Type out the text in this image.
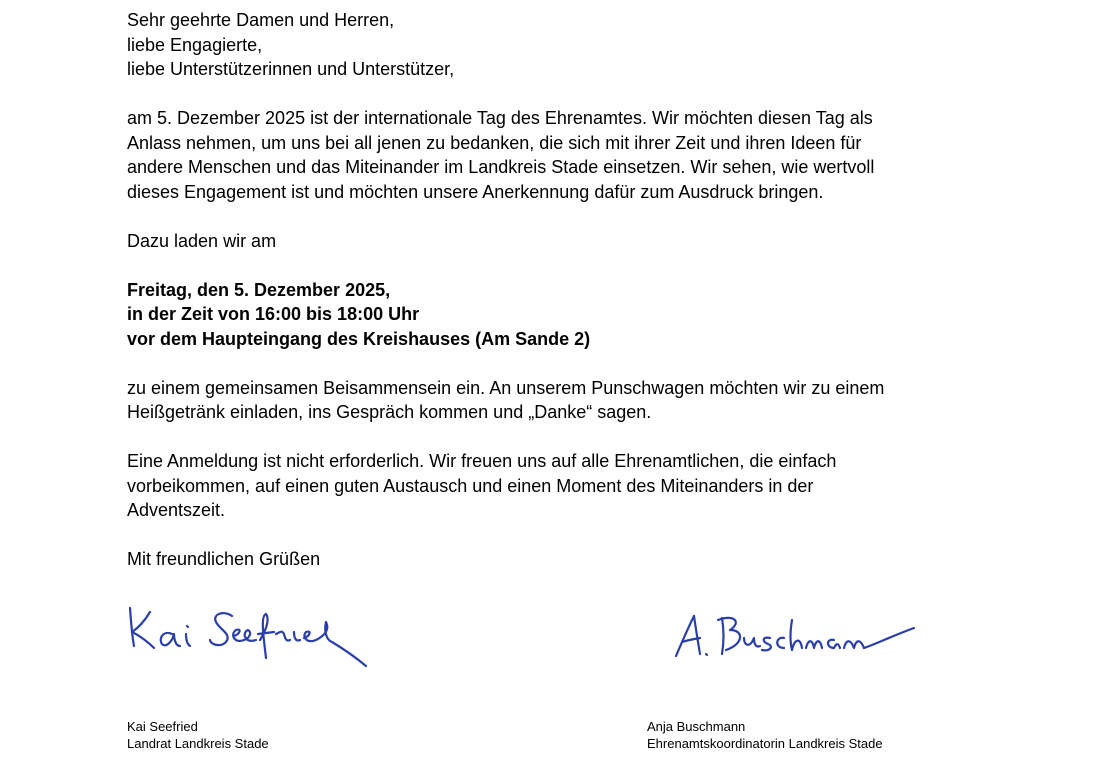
Sehr geehrte Damen und Herren,

liebe Engagierte,

liebe Unterstützerinnen und Unterstützer,

am 5. Dezember 2025 ist der internationale Tag des Ehrenamtes. Wir möchten diesen Tag als

Anlass nehmen, um uns bei all jenen zu bedanken, die sich mit ihrer Zeit und ihren Ideen für

andere Menschen und das Miteinander im Landkreis Stade einsetzen. Wir sehen, wie wertvoll

dieses Engagement ist und möchten unsere Anerkennung dafür zum Ausdruck bringen.

Dazu laden wir am

Freitag, den 5. Dezember 2025,

in der Zeit von 16:00 bis 18:00 Uhr

vor dem Haupteingang des Kreishauses (Am Sande 2)

zu einem gemeinsamen Beisammensein ein. An unserem Punschwagen möchten wir zu einem

Heißgetränk einladen, ins Gespräch kommen und „Danke“ sagen.

Eine Anmeldung ist nicht erforderlich. Wir freuen uns auf alle Ehrenamtlichen, die einfach

vorbeikommen, auf einen guten Austausch und einen Moment des Miteinanders in der

Adventszeit.

Mit freundlichen Grüßen

Kai Seefried
Landrat Landkreis Stade
Anja Buschmann
Ehrenamtskoordinatorin Landkreis Stade
